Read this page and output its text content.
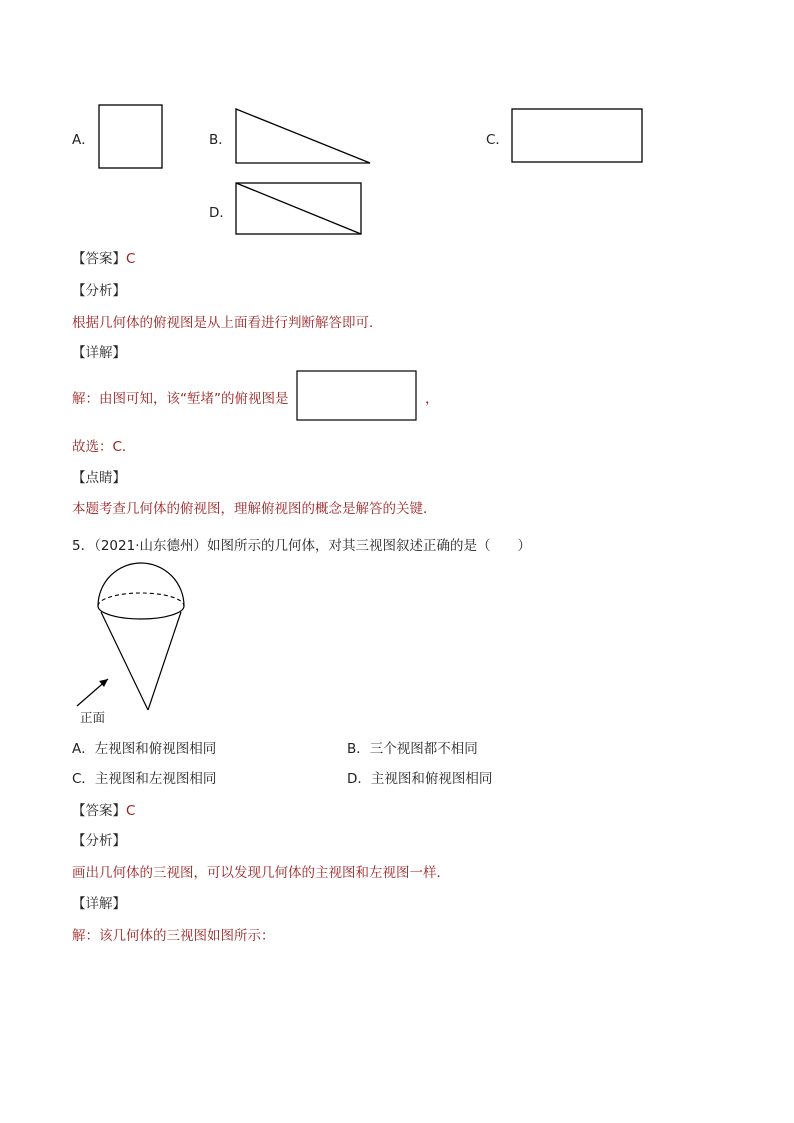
A．	B．	C．
D．
【答案】C
【分析】
根据几何体的俯视图是从上面看进行判断解答即可．
【详解】
解：由图可知，该“堑堵”的俯视图是	，
故选：C．
【点睛】
本题考查几何体的俯视图，理解俯视图的概念是解答的关键．
5．（2021·山东德州）如图所示的几何体，对其三视图叙述正确的是（　　）
正面
A．左视图和俯视图相同	B．三个视图都不相同
C．主视图和左视图相同	D．主视图和俯视图相同
【答案】C
【分析】
画出几何体的三视图，可以发现几何体的主视图和左视图一样．
【详解】
解：该几何体的三视图如图所示：
